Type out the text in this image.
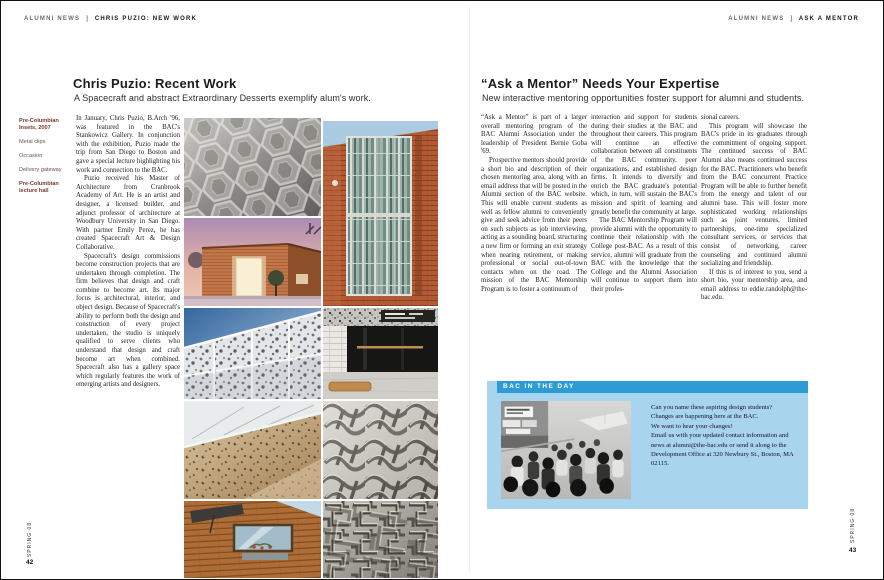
ALUMNI NEWS ] CHRIS PUZIO: NEW WORK	ALUMNI NEWS ] ASK A MENTOR
Chris Puzio: Recent Work
A Spacecraft and abstract Extraordinary Desserts exemplify alum's work.
Pre-Columbian Insets, 2007
Metal clips
Occasion
Delivery gateway
Pre-Columbian lecture hall

In January, Chris Puzio, B.Arch '96, was featured in the BAC's Stankowicz Gallery. In conjunction with the exhibition, Puzio made the trip from San Diego to Boston and gave a special lecture highlighting his work and connection to the BAC.

Puzio received his Master of Architecture from Cranbrook Academy of Art. He is an artist and designer, a licensed builder, and adjunct professor of architecture at Woodbury University in San Diego. With partner Emily Perez, he has created Spacecraft Art & Design Collaborative.

Spacecraft's design commissions become construction projects that are undertaken through completion. The firm believes that design and craft combine to become art. Its major focus is architectural, interior, and object design. Because of Spacecraft's ability to perform both the design and construction of every project undertaken, the studio is uniquely qualified to serve clients who understand that design and craft become art when combined. Spacecraft also has a gallery space which regularly features the work of emerging artists and designers.

“Ask a Mentor” Needs Your Expertise
New interactive mentoring opportunities foster support for alumni and students.

“Ask a Mentor” is part of a larger overall mentoring program of the BAC Alumni Association under the leadership of President Bernie Goba '69.

Prospective mentors should provide a short bio and description of their chosen mentoring area, along with an email address that will be posted in the Alumni section of the BAC website. This will enable current students as well as fellow alumni to conveniently give and seek advice from their peers on such subjects as job interviewing, acting as a sounding board, structuring a new firm or forming an exit strategy when nearing retirement, or making professional or social out-of-town contacts when on the road. The mission of the BAC Mentorship Program is to foster a continuum of

interaction and support for students during their studies at the BAC and throughout their careers. This program will continue an effective collaboration between all constituents of the BAC community, peer organizations, and established design firms. It intends to diversify and enrich the BAC graduate's potential which, in turn, will sustain the BAC's mission and spirit of learning and greatly benefit the community at large.

The BAC Mentorship Program will provide alumni with the opportunity to continue their relationship with the College post-BAC. As a result of this service, alumni will graduate from the BAC with the knowledge that the College and the Alumni Association will continue to support them into their profes-

sional careers.

This program will showcase the BAC's pride in its graduates through the commitment of ongoing support. The continued success of BAC Alumni also means continued success for the BAC. Practitioners who benefit from the BAC concurrent Practice Program will be able to further benefit from the energy and talent of our alumni base. This will foster more sophisticated working relationships such as joint ventures, limited partnerships, one-time specialized consultant services, or services that consist of networking, career counseling and continued alumni socializing and friendship.

If this is of interest to you, send a short bio, your mentorship area, and email address to eddie.randolph@the-bac.edu.

BAC IN THE DAY
Can you name these aspiring design students?
Changes are happening here at the BAC.
We want to hear your changes!
Email us with your updated contact information and news at alumni@the-bac.edu or send it along to the Development Office at 320 Newbury St., Boston, MA 02115.
SPRING 08
42
SPRING 08
43
